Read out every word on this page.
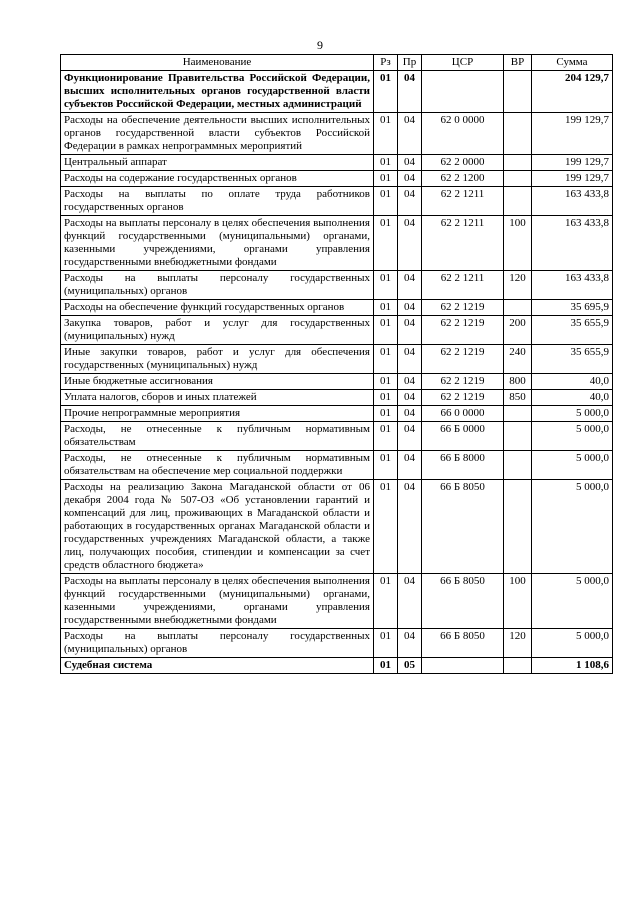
9
Наименование	Рз	Пр	ЦСР	ВР	Сумма
Функционирование Правительства Российской Федерации, высших исполнительных органов государственной власти субъектов Российской Федерации, местных администраций	01	04			204 129,7
Расходы на обеспечение деятельности высших исполнительных органов государственной власти субъектов Российской Федерации в рамках непрограммных мероприятий	01	04	62 0 0000		199 129,7
Центральный аппарат	01	04	62 2 0000		199 129,7
Расходы на содержание государственных органов	01	04	62 2 1200		199 129,7
Расходы на выплаты по оплате труда работников государственных органов	01	04	62 2 1211		163 433,8
Расходы на выплаты персоналу в целях обеспечения выполнения функций государственными (муниципальными) органами, казенными учреждениями, органами управления государственными внебюджетными фондами	01	04	62 2 1211	100	163 433,8
Расходы на выплаты персоналу государственных (муниципальных) органов	01	04	62 2 1211	120	163 433,8
Расходы на обеспечение функций государственных органов	01	04	62 2 1219		35 695,9
Закупка товаров, работ и услуг для государственных (муниципальных) нужд	01	04	62 2 1219	200	35 655,9
Иные закупки товаров, работ и услуг для обеспечения государственных (муниципальных) нужд	01	04	62 2 1219	240	35 655,9
Иные бюджетные ассигнования	01	04	62 2 1219	800	40,0
Уплата налогов, сборов и иных платежей	01	04	62 2 1219	850	40,0
Прочие непрограммные мероприятия	01	04	66 0 0000		5 000,0
Расходы, не отнесенные к публичным нормативным обязательствам	01	04	66 Б 0000		5 000,0
Расходы, не отнесенные к публичным нормативным обязательствам на обеспечение мер социальной поддержки	01	04	66 Б 8000		5 000,0
Расходы на реализацию Закона Магаданской области от 06 декабря 2004 года № 507-ОЗ «Об установлении гарантий и компенсаций для лиц, проживающих в Магаданской области и работающих в государственных органах Магаданской области и государственных учреждениях Магаданской области, а также лиц, получающих пособия, стипендии и компенсации за счет средств областного бюджета»	01	04	66 Б 8050		5 000,0
Расходы на выплаты персоналу в целях обеспечения выполнения функций государственными (муниципальными) органами, казенными учреждениями, органами управления государственными внебюджетными фондами	01	04	66 Б 8050	100	5 000,0
Расходы на выплаты персоналу государственных (муниципальных) органов	01	04	66 Б 8050	120	5 000,0
Судебная система	01	05			1 108,6
